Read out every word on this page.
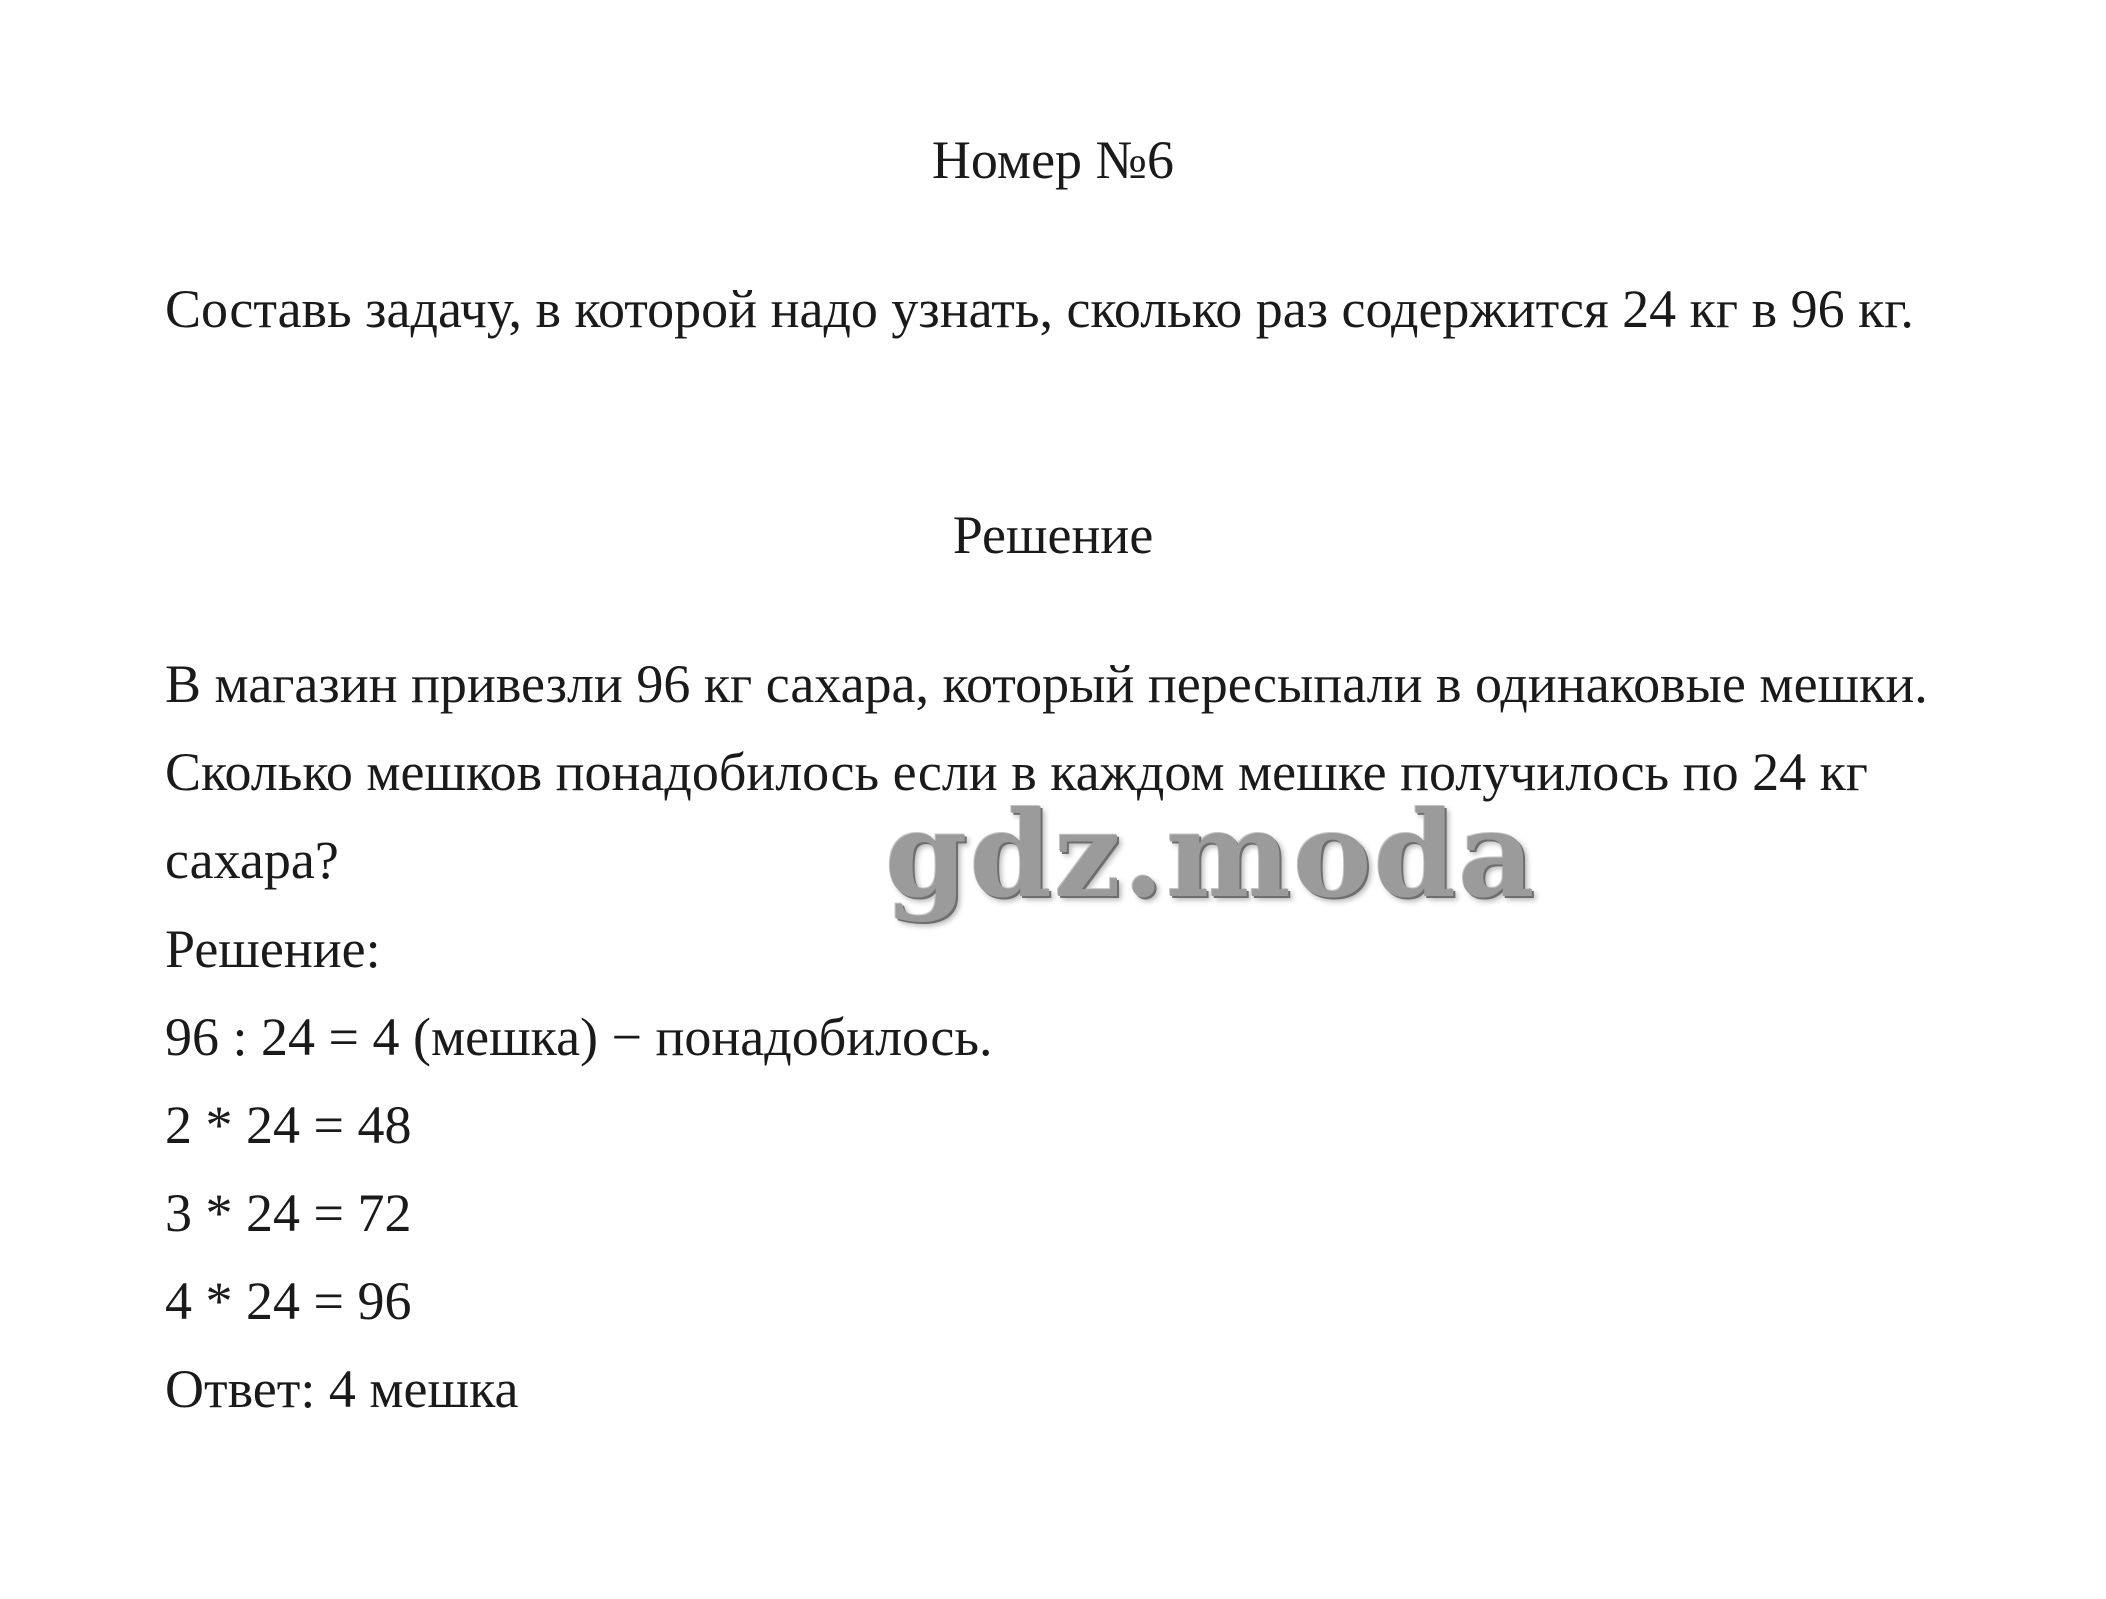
Номер №6

Составь задачу, в которой надо узнать, сколько раз содержится 24 кг в 96 кг.

Решение

В магазин привезли 96 кг сахара, который пересыпали в одинаковые мешки. Сколько мешков понадобилось если в каждом мешке получилось по 24 кг сахара?

Решение:
96 : 24 = 4 (мешка) − понадобилось.
2 * 24 = 48
3 * 24 = 72
4 * 24 = 96
Ответ: 4 мешка
gdz.moda
